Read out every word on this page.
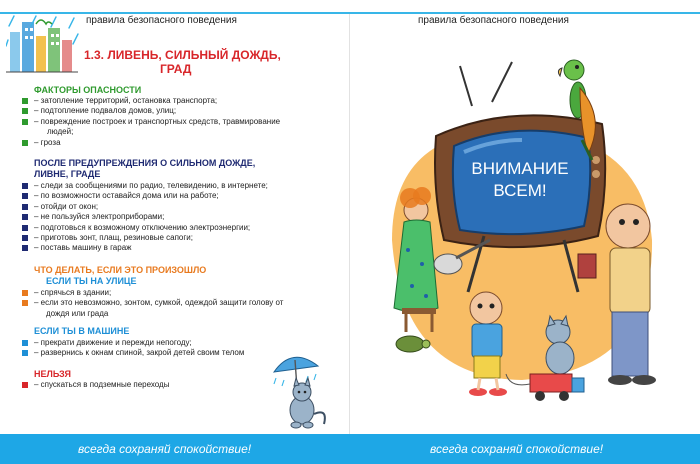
правила безопасного поведения	правила безопасного поведения
1.3. ЛИВЕНЬ, СИЛЬНЫЙ ДОЖДЬ,
ГРАД
ФАКТОРЫ ОПАСНОСТИ
– затопление территорий, остановка транспорта;
– подтопление подвалов домов, улиц;
– повреждение построек и транспортных средств, травмирование
людей;
– гроза
ПОСЛЕ ПРЕДУПРЕЖДЕНИЯ О СИЛЬНОМ ДОЖДЕ,
ЛИВНЕ, ГРАДЕ
– следи за сообщениями по радио, телевидению, в интернете;
– по возможности оставайся дома или на работе;
– отойди от окон;
– не пользуйся электроприборами;
– подготовься к возможному отключению электроэнергии;
– приготовь зонт, плащ, резиновые сапоги;
– поставь машину в гараж
ЧТО ДЕЛАТЬ, ЕСЛИ ЭТО ПРОИЗОШЛО
ЕСЛИ ТЫ НА УЛИЦЕ
– спрячься в здании;
– если это невозможно, зонтом, сумкой, одеждой защити голову от
дождя или града
ЕСЛИ ТЫ В МАШИНЕ
– прекрати движение и пережди непогоду;
– развернись к окнам спиной, закрой детей своим телом
НЕЛЬЗЯ
– спускаться в подземные переходы
ВНИМАНИЕ
ВСЕМ!
всегда сохраняй спокойствие!	всегда сохраняй спокойствие!
